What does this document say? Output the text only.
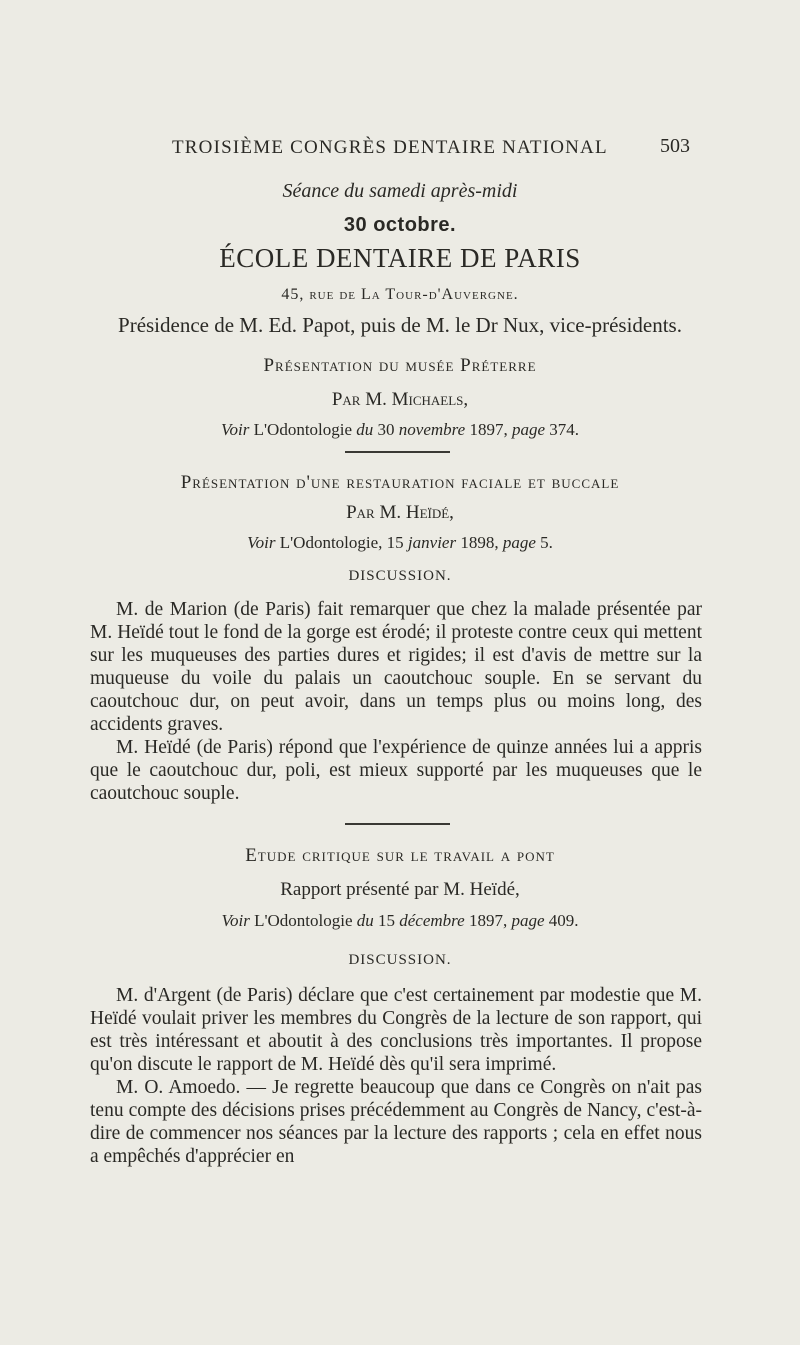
TROISIÈME CONGRÈS DENTAIRE NATIONAL	503
Séance du samedi après-midi
30 octobre.
ÉCOLE DENTAIRE DE PARIS
45, rue de La Tour-d'Auvergne.
Présidence de M. Ed. Papot, puis de M. le Dr Nux, vice-présidents.
Présentation du musée Préterre
Par M. Michaels,
Voir L'Odontologie du 30 novembre 1897, page 374.
Présentation d'une restauration faciale et buccale
Par M. Heïdé,
Voir L'Odontologie, 15 janvier 1898, page 5.
DISCUSSION.

M. de Marion (de Paris) fait remarquer que chez la malade présentée par M. Heïdé tout le fond de la gorge est érodé; il proteste contre ceux qui mettent sur les muqueuses des parties dures et rigides; il est d'avis de mettre sur la muqueuse du voile du palais un caoutchouc souple. En se servant du caoutchouc dur, on peut avoir, dans un temps plus ou moins long, des accidents graves.

M. Heïdé (de Paris) répond que l'expérience de quinze années lui a appris que le caoutchouc dur, poli, est mieux supporté par les muqueuses que le caoutchouc souple.

Etude critique sur le travail a pont
Rapport présenté par M. Heïdé,
Voir L'Odontologie du 15 décembre 1897, page 409.
DISCUSSION.

M. d'Argent (de Paris) déclare que c'est certainement par modestie que M. Heïdé voulait priver les membres du Congrès de la lecture de son rapport, qui est très intéressant et aboutit à des conclusions très importantes. Il propose qu'on discute le rapport de M. Heïdé dès qu'il sera imprimé.

M. O. Amoedo. — Je regrette beaucoup que dans ce Congrès on n'ait pas tenu compte des décisions prises précédemment au Congrès de Nancy, c'est-à-dire de commencer nos séances par la lecture des rapports ; cela en effet nous a empêchés d'apprécier en
